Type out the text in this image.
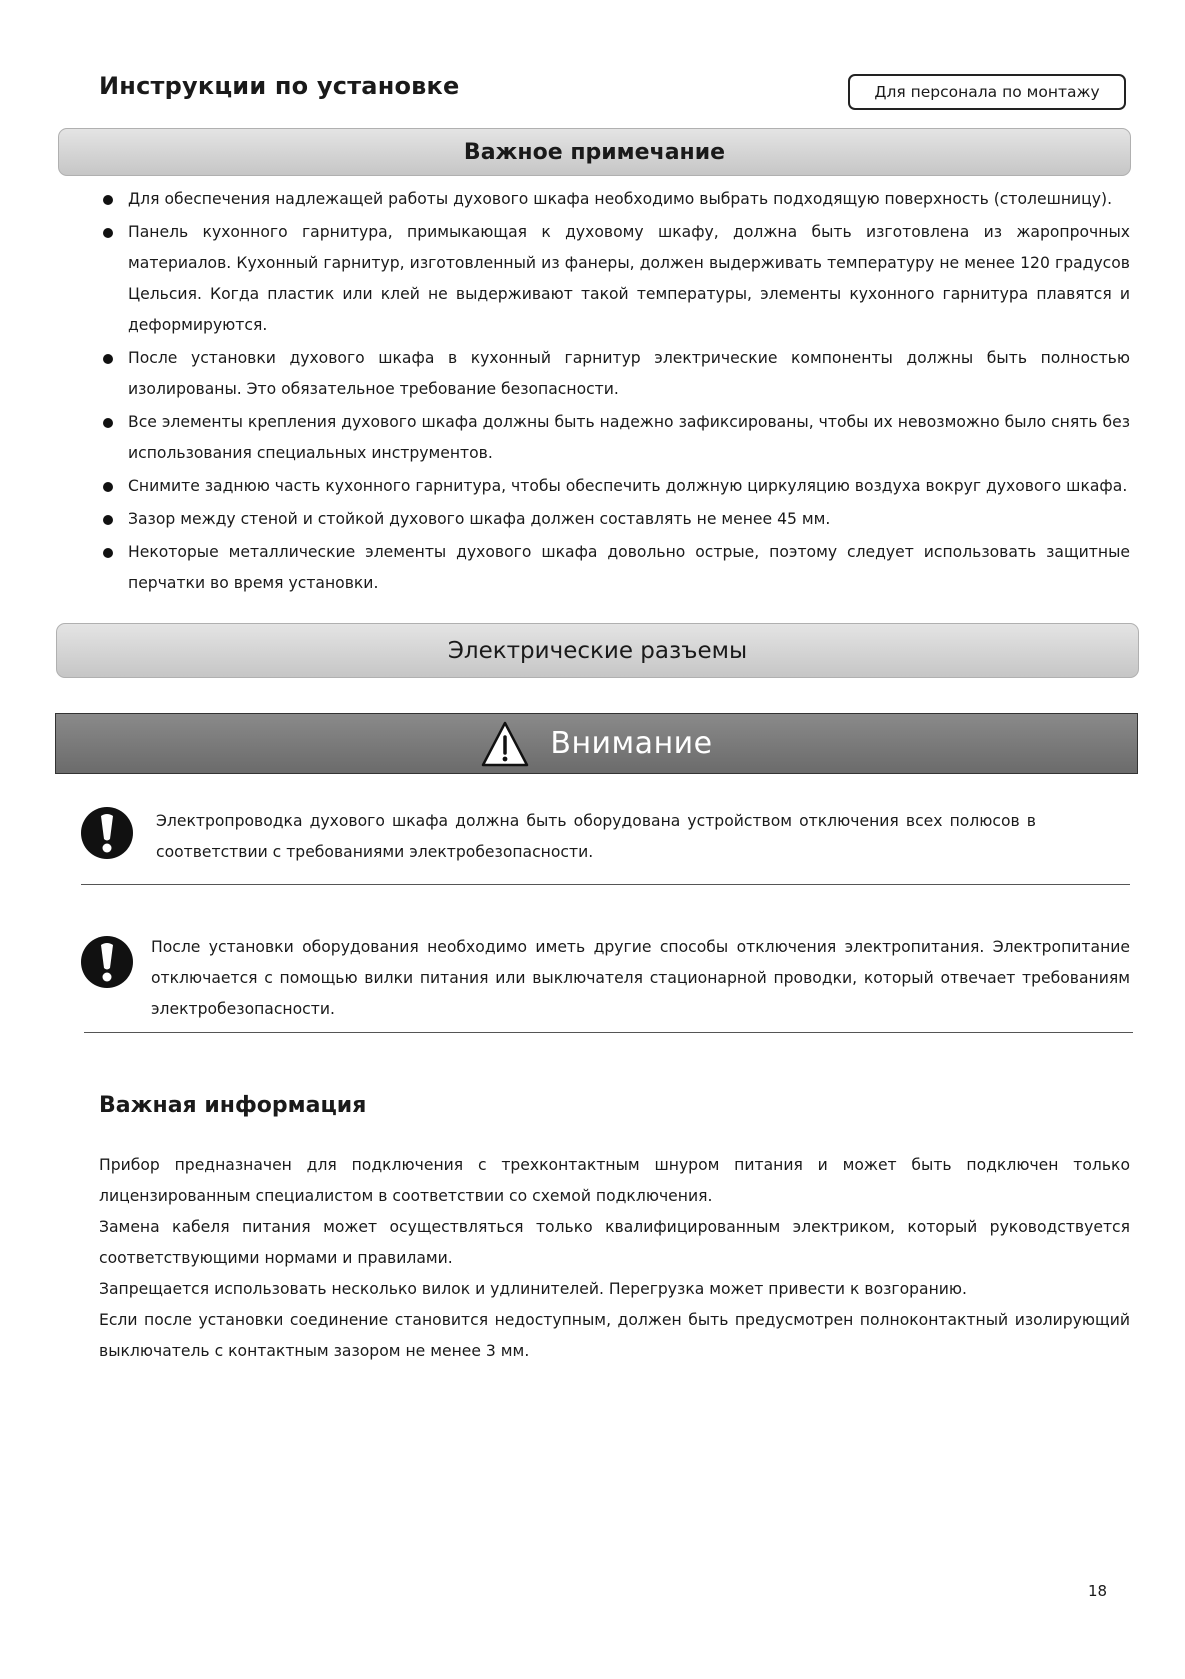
Инструкции по установке	Для персонала по монтажу
Важное примечание
Для обеспечения надлежащей работы духового шкафа необходимо выбрать подходящую поверхность (столешницу).
Панель кухонного гарнитура, примыкающая к духовому шкафу, должна быть изготовлена из жаропрочных материалов. Кухонный гарнитур, изготовленный из фанеры, должен выдерживать температуру не менее 120 градусов Цельсия. Когда пластик или клей не выдерживают такой температуры, элементы кухонного гарнитура плавятся и деформируются.
После установки духового шкафа в кухонный гарнитур электрические компоненты должны быть полностью изолированы. Это обязательное требование безопасности.
Все элементы крепления духового шкафа должны быть надежно зафиксированы, чтобы их невозможно было снять без использования специальных инструментов.
Снимите заднюю часть кухонного гарнитура, чтобы обеспечить должную циркуляцию воздуха вокруг духового шкафа.
Зазор между стеной и стойкой духового шкафа должен составлять не менее 45 мм.
Некоторые металлические элементы духового шкафа довольно острые, поэтому следует использовать защитные перчатки во время установки.
Электрические разъемы
Внимание
Электропроводка духового шкафа должна быть оборудована устройством отключения всех полюсов в соответствии с требованиями электробезопасности.
После установки оборудования необходимо иметь другие способы отключения электропитания. Электропитание отключается с помощью вилки питания или выключателя стационарной проводки, который отвечает требованиям электробезопасности.
Важная информация

Прибор предназначен для подключения с трехконтактным шнуром питания и может быть подключен только лицензированным специалистом в соответствии со схемой подключения.

Замена кабеля питания может осуществляться только квалифицированным электриком, который руководствуется соответствующими нормами и правилами.

Запрещается использовать несколько вилок и удлинителей. Перегрузка может привести к возгоранию.

Если после установки соединение становится недоступным, должен быть предусмотрен полноконтактный изолирующий выключатель с контактным зазором не менее 3 мм.

18
